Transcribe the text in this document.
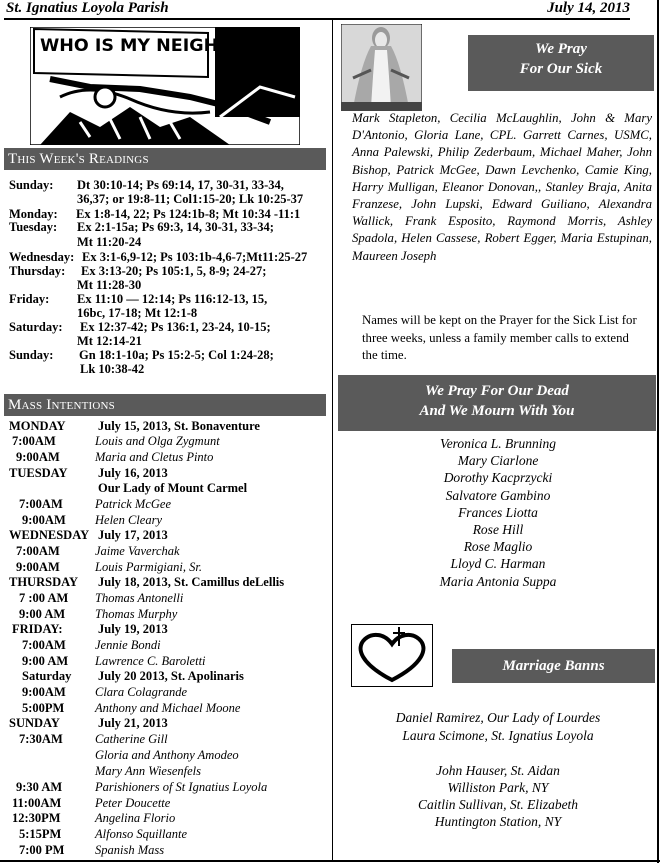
St. Ignatius Loyola Parish	July 14, 2013
WHO IS MY NEIGHBOR?
This Week's Readings
Sunday: Dt 30:10-14; Ps 69:14, 17, 30-31, 33-34,
36,37; or 19:8-11; Col1:15-20; Lk 10:25-37
Monday: Ex 1:8-14, 22; Ps 124:1b-8; Mt 10:34 -11:1
Tuesday: Ex 2:1-15a; Ps 69:3, 14, 30-31, 33-34;
Mt 11:20-24
Wednesday: Ex 3:1-6,9-12; Ps 103:1b-4,6-7;Mt11:25-27
Thursday: Ex 3:13-20; Ps 105:1, 5, 8-9; 24-27;
Mt 11:28-30
Friday: Ex 11:10 — 12:14; Ps 116:12-13, 15,
16bc, 17-18; Mt 12:1-8
Saturday: Ex 12:37-42; Ps 136:1, 23-24, 10-15;
Mt 12:14-21
Sunday: Gn 18:1-10a; Ps 15:2-5; Col 1:24-28;
Lk 10:38-42
Mass Intentions
MONDAY	July 15, 2013, St. Bonaventure
7:00AM	Louis and Olga Zygmunt
9:00AM	Maria and Cletus Pinto
TUESDAY July 16, 2013
Our Lady of Mount Carmel
7:00AM	Patrick McGee
9:00AM Helen Cleary
WEDNESDAY July 17, 2013
7:00AM	Jaime Vaverchak
9:00AM	Louis Parmigiani, Sr.
THURSDAY July 18, 2013, St. Camillus deLellis
7 :00 AM Thomas Antonelli
9:00 AM Thomas Murphy
FRIDAY:	July 19, 2013
7:00AM Jennie Bondi
9:00 AM Lawrence C. Baroletti
Saturday July 20 2013, St. Apolinaris
9:00AM Clara Colagrande
5:00PM Anthony and Michael Moone
SUNDAY	July 21, 2013
7:30AM	Catherine Gill
Gloria and Anthony Amodeo
Mary Ann Wiesenfels
9:30 AM	Parishioners of St Ignatius Loyola
11:00AM	Peter Doucette
12:30PM	Angelina Florio
5:15PM	Alfonso Squillante
7:00 PM Spanish Mass
We Pray
For Our Sick
Mark Stapleton, Cecilia McLaughlin, John & Mary D'Antonio, Gloria Lane, CPL. Garrett Carnes, USMC, Anna Palewski, Philip Zederbaum, Michael Maher, John Bishop, Patrick McGee, Dawn Levchenko, Camie King, Harry Mulligan, Eleanor Donovan,, Stanley Braja, Anita Franzese, John Lupski, Edward Guiliano, Alexandra Wallick, Frank Esposito, Raymond Morris, Ashley Spadola, Helen Cassese, Robert Egger, Maria Estupinan, Maureen Joseph
Names will be kept on the Prayer for the Sick List for three weeks, unless a family member calls to extend the time.
We Pray For Our Dead
And We Mourn With You
Veronica L. Brunning
Mary Ciarlone
Dorothy Kacprzycki
Salvatore Gambino
Frances Liotta
Rose Hill
Rose Maglio
Lloyd C. Harman
Maria Antonia Suppa
Marriage Banns
Daniel Ramirez, Our Lady of Lourdes
Laura Scimone, St. Ignatius Loyola
John Hauser, St. Aidan
Williston Park, NY
Caitlin Sullivan, St. Elizabeth
Huntington Station, NY
